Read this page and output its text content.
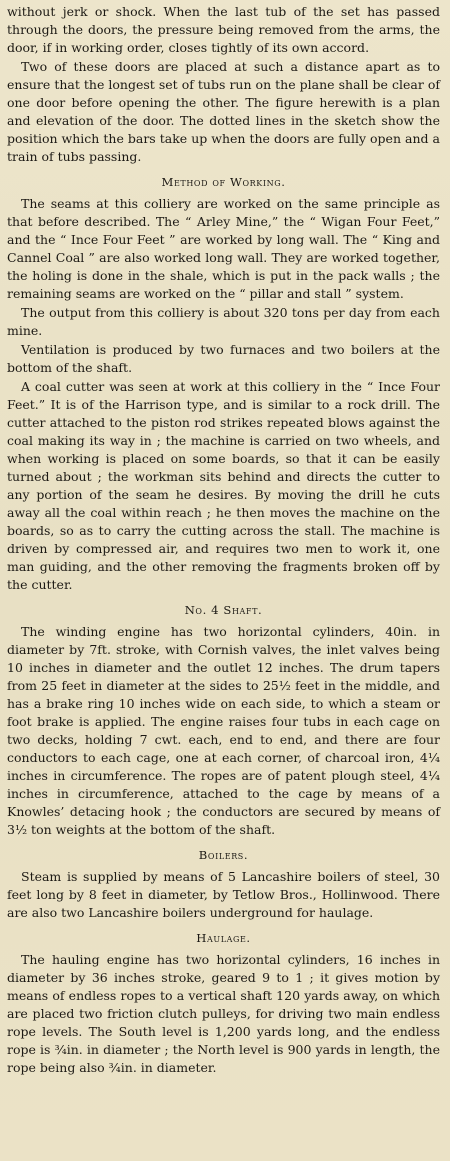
without jerk or shock. When the last tub of the set has passed through the doors, the pressure being removed from the arms, the door, if in working order, closes tightly of its own accord.

Two of these doors are placed at such a distance apart as to ensure that the longest set of tubs run on the plane shall be clear of one door before opening the other. The figure herewith is a plan and elevation of the door. The dotted lines in the sketch show the position which the bars take up when the doors are fully open and a train of tubs passing.

Method of Working.

The seams at this colliery are worked on the same principle as that before described. The “ Arley Mine,” the “ Wigan Four Feet,” and the “ Ince Four Feet ” are worked by long wall. The “ King and Cannel Coal ” are also worked long wall. They are worked together, the holing is done in the shale, which is put in the pack walls ; the remaining seams are worked on the “ pillar and stall ” system.

The output from this colliery is about 320 tons per day from each mine.

Ventilation is produced by two furnaces and two boilers at the bottom of the shaft.

A coal cutter was seen at work at this colliery in the “ Ince Four Feet.” It is of the Harrison type, and is similar to a rock drill. The cutter attached to the piston rod strikes repeated blows against the coal making its way in ; the machine is carried on two wheels, and when working is placed on some boards, so that it can be easily turned about ; the workman sits behind and directs the cutter to any portion of the seam he desires. By moving the drill he cuts away all the coal within reach ; he then moves the machine on the boards, so as to carry the cutting across the stall. The machine is driven by compressed air, and requires two men to work it, one man guiding, and the other removing the fragments broken off by the cutter.

No. 4 Shaft.

The winding engine has two horizontal cylinders, 40in. in diameter by 7ft. stroke, with Cornish valves, the inlet valves being 10 inches in diameter and the outlet 12 inches. The drum tapers from 25 feet in diameter at the sides to 25½ feet in the middle, and has a brake ring 10 inches wide on each side, to which a steam or foot brake is applied. The engine raises four tubs in each cage on two decks, holding 7 cwt. each, end to end, and there are four conductors to each cage, one at each corner, of charcoal iron, 4¼ inches in circumference. The ropes are of patent plough steel, 4¼ inches in circumference, attached to the cage by means of a Knowles’ detacing hook ; the conductors are secured by means of 3½ ton weights at the bottom of the shaft.

Boilers.

Steam is supplied by means of 5 Lancashire boilers of steel, 30 feet long by 8 feet in diameter, by Tetlow Bros., Hollinwood. There are also two Lancashire boilers underground for haulage.

Haulage.

The hauling engine has two horizontal cylinders, 16 inches in diameter by 36 inches stroke, geared 9 to 1 ; it gives motion by means of endless ropes to a vertical shaft 120 yards away, on which are placed two friction clutch pulleys, for driving two main endless rope levels. The South level is 1,200 yards long, and the endless rope is ¾in. in diameter ; the North level is 900 yards in length, the rope being also ¾in. in diameter.
